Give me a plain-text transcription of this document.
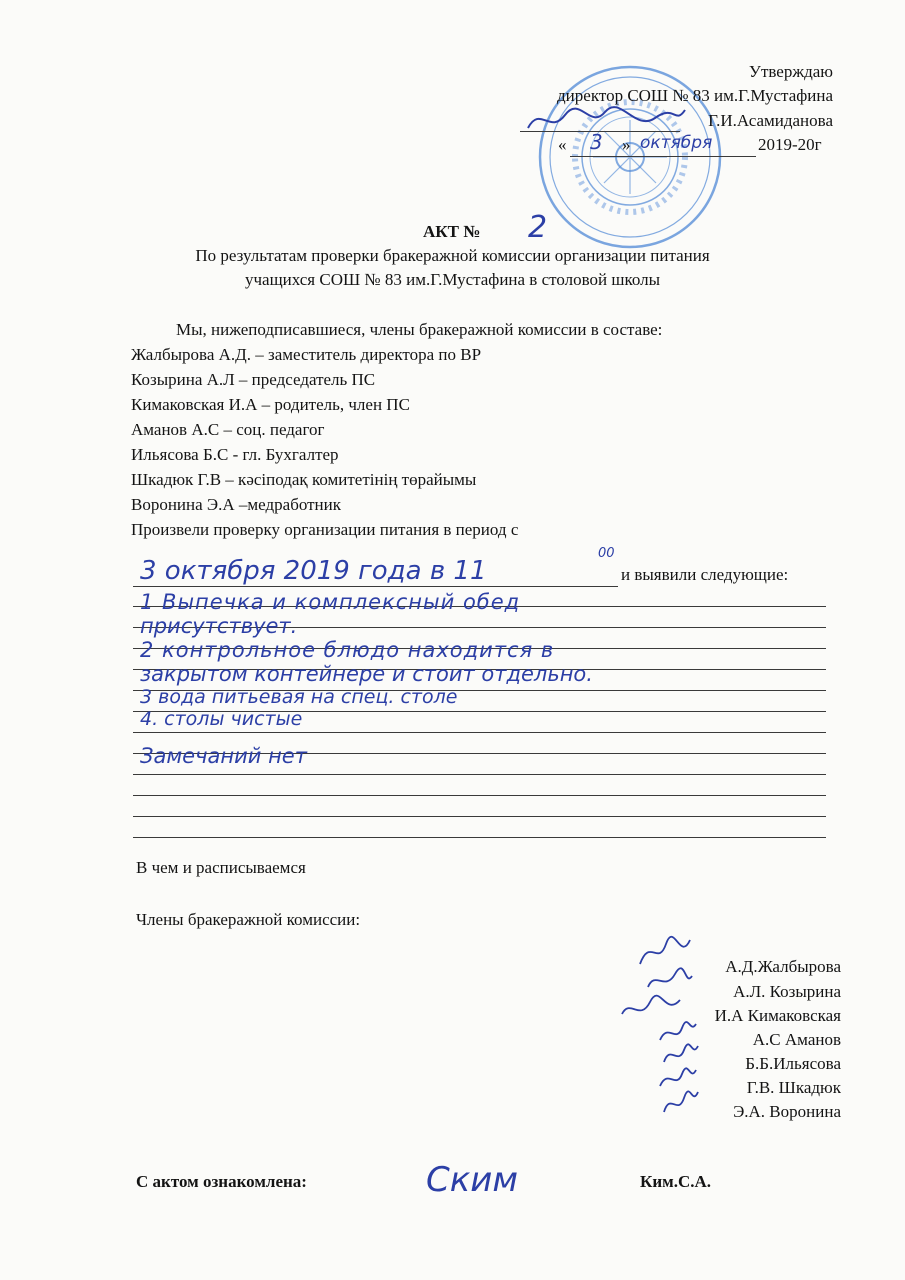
Утверждаю
директор СОШ № 83 им.Г.Мустафина
Г.И.Асамиданова
« 3 » октября	2019-20г
АКТ № 2
По результатам проверки бракеражной комиссии организации питания
учащихся СОШ № 83 им.Г.Мустафина в столовой школы
Мы, нижеподписавшиеся, члены бракеражной комиссии в составе:
Жалбырова А.Д. – заместитель директора по ВР
Козырина А.Л – председатель ПС
Кимаковская И.А – родитель, член ПС
Аманов А.С – соц. педагог
Ильясова Б.С - гл. Бухгалтер
Шкадюк Г.В – кәсіподақ комитетінің төрайымы
Воронина Э.А –медработник
Произвели проверку организации питания в период с
3 октября 2019 года в 11
00
и выявили следующие:
1 Выпечка и комплексный обед
присутствует.
2 контрольное блюдо находится в
закрытом контейнере и стоит отдельно.
3 вода питьевая на спец. столе
4. столы чистые
Замечаний нет
В чем и расписываемся
Члены бракеражной комиссии:
А.Д.Жалбырова
А.Л. Козырина
И.А Кимаковская
А.С Аманов
Б.Б.Ильясова
Г.В. Шкадюк
Э.А. Воронина
С актом ознакомлена:	Ским	Ким.С.А.
